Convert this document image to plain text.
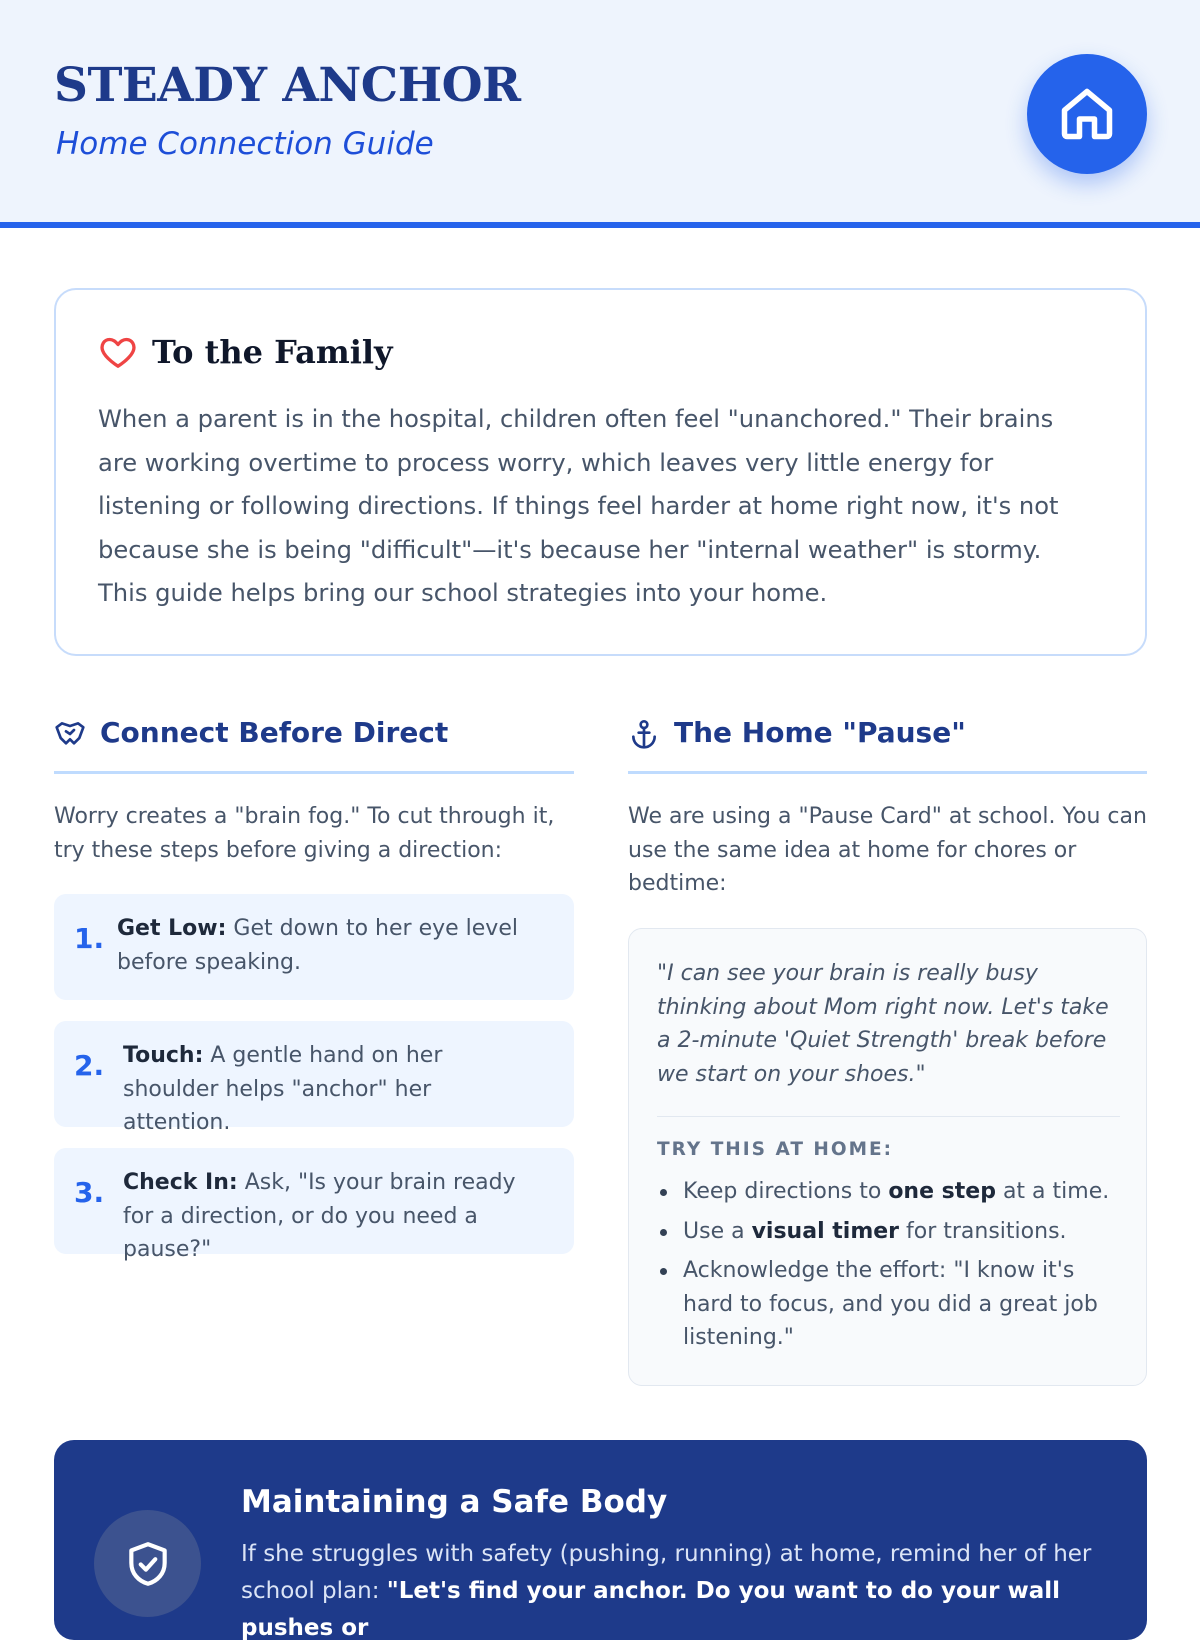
STEADY ANCHOR
Home Connection Guide
To the Family

When a parent is in the hospital, children often feel "unanchored." Their brains are working overtime to process worry, which leaves very little energy for listening or following directions. If things feel harder at home right now, it's not because she is being "difficult"—it's because her "internal weather" is stormy. This guide helps bring our school strategies into your home.

Connect Before Direct

Worry creates a "brain fog." To cut through it, try these steps before giving a direction:

1. Get Low: Get down to her eye level before speaking.

2. Touch: A gentle hand on her shoulder helps "anchor" her attention.

3. Check In: Ask, "Is your brain ready for a direction, or do you need a pause?"

The Home "Pause"

We are using a "Pause Card" at school. You can use the same idea at home for chores or bedtime:

"I can see your brain is really busy thinking about Mom right now. Let's take a 2-minute 'Quiet Strength' break before we start on your shoes."

TRY THIS AT HOME:
Keep directions to one step at a time.
Use a visual timer for transitions.
Acknowledge the effort: "I know it's hard to focus, and you did a great job listening."
Maintaining a Safe Body

If she struggles with safety (pushing, running) at home, remind her of her school plan: "Let's find your anchor. Do you want to do your wall pushes or
